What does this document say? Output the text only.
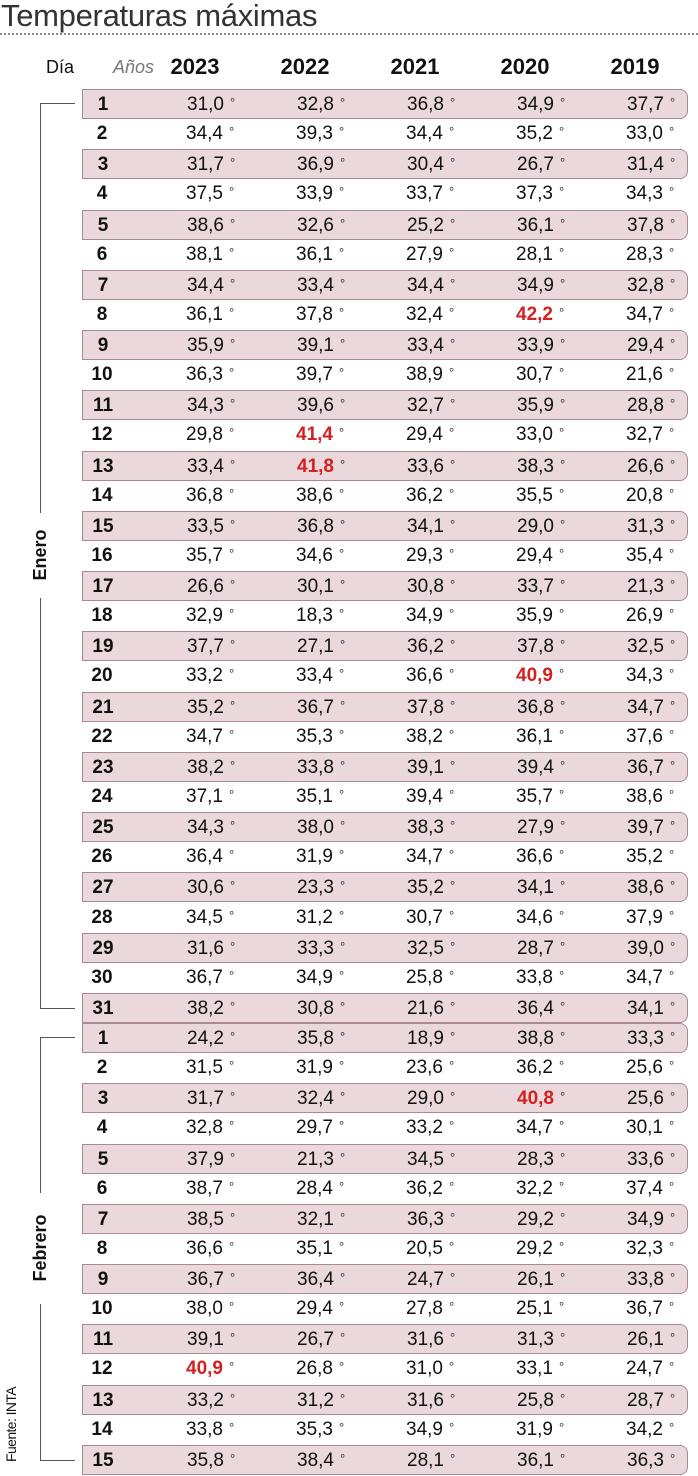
Temperaturas máximas
Día Años 2023	2022	2021	2020	2019
Enero
Febrero
1	31,0 °	32,8 °	36,8 °	34,9 °	37,7 °
2	34,4 °	39,3 °	34,4 °	35,2 °	33,0 °
3	31,7 °	36,9 °	30,4 °	26,7 °	31,4 °
4	37,5 °	33,9 °	33,7 °	37,3 °	34,3 °
5	38,6 °	32,6 °	25,2 °	36,1 °	37,8 °
6	38,1 °	36,1 °	27,9 °	28,1 °	28,3 °
7	34,4 °	33,4 °	34,4 °	34,9 °	32,8 °
8	36,1 °	37,8 °	32,4 °	42,2 °	34,7 °
9	35,9 °	39,1 °	33,4 °	33,9 °	29,4 °
10	36,3 °	39,7 °	38,9 °	30,7 °	21,6 °
11	34,3 °	39,6 °	32,7 °	35,9 °	28,8 °
12	29,8 °	41,4 °	29,4 °	33,0 °	32,7 °
13	33,4 °	41,8 °	33,6 °	38,3 °	26,6 °
14	36,8 °	38,6 °	36,2 °	35,5 °	20,8 °
15	33,5 °	36,8 °	34,1 °	29,0 °	31,3 °
16	35,7 °	34,6 °	29,3 °	29,4 °	35,4 °
17	26,6 °	30,1 °	30,8 °	33,7 °	21,3 °
18	32,9 °	18,3 °	34,9 °	35,9 °	26,9 °
19	37,7 °	27,1 °	36,2 °	37,8 °	32,5 °
20	33,2 °	33,4 °	36,6 °	40,9 °	34,3 °
21	35,2 °	36,7 °	37,8 °	36,8 °	34,7 °
22	34,7 °	35,3 °	38,2 °	36,1 °	37,6 °
23	38,2 °	33,8 °	39,1 °	39,4 °	36,7 °
24	37,1 °	35,1 °	39,4 °	35,7 °	38,6 °
25	34,3 °	38,0 °	38,3 °	27,9 °	39,7 °
26	36,4 °	31,9 °	34,7 °	36,6 °	35,2 °
27	30,6 °	23,3 °	35,2 °	34,1 °	38,6 °
28	34,5 °	31,2 °	30,7 °	34,6 °	37,9 °
29	31,6 °	33,3 °	32,5 °	28,7 °	39,0 °
30	36,7 °	34,9 °	25,8 °	33,8 °	34,7 °
31	38,2 °	30,8 °	21,6 °	36,4 °	34,1 °
1	24,2 °	35,8 °	18,9 °	38,8 °	33,3 °
2	31,5 °	31,9 °	23,6 °	36,2 °	25,6 °
3	31,7 °	32,4 °	29,0 °	40,8 °	25,6 °
4	32,8 °	29,7 °	33,2 °	34,7 °	30,1 °
5	37,9 °	21,3 °	34,5 °	28,3 °	33,6 °
6	38,7 °	28,4 °	36,2 °	32,2 °	37,4 °
7	38,5 °	32,1 °	36,3 °	29,2 °	34,9 °
8	36,6 °	35,1 °	20,5 °	29,2 °	32,3 °
9	36,7 °	36,4 °	24,7 °	26,1 °	33,8 °
10	38,0 °	29,4 °	27,8 °	25,1 °	36,7 °
11	39,1 °	26,7 °	31,6 °	31,3 °	26,1 °
12	40,9 °	26,8 °	31,0 °	33,1 °	24,7 °
13	33,2 °	31,2 °	31,6 °	25,8 °	28,7 °
14	33,8 °	35,3 °	34,9 °	31,9 °	34,2 °
15	35,8 °	38,4 °	28,1 °	36,1 °	36,3 °
Fuente: INTA
